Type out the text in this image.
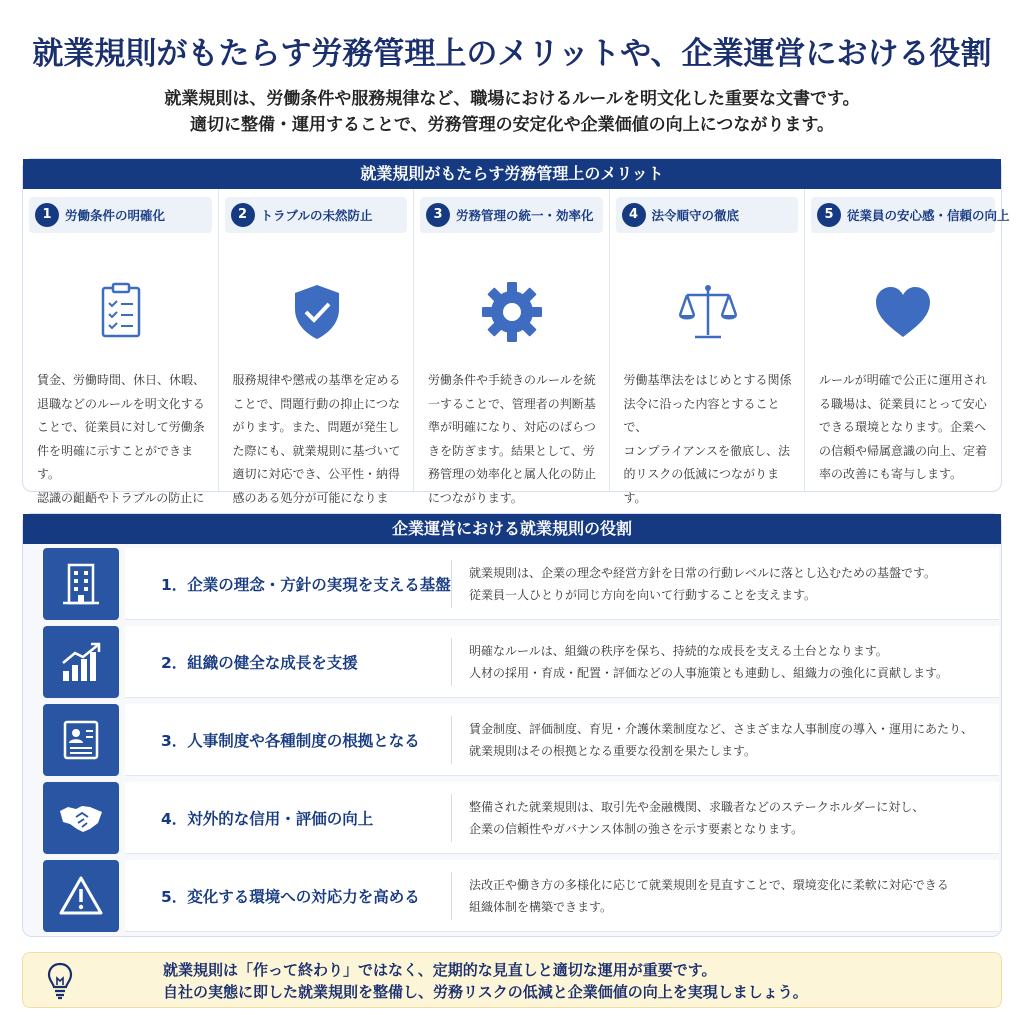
就業規則がもたらす労務管理上のメリットや、企業運営における役割
就業規則は、労働条件や服務規律など、職場におけるルールを明文化した重要な文書です。
適切に整備・運用することで、労務管理の安定化や企業価値の向上につながります。
就業規則がもたらす労務管理上のメリット
1	労働条件の明確化
賃金、労働時間、休日、休暇、
退職などのルールを明文化する
ことで、従業員に対して労働条
件を明確に示すことができます。
認識の齟齬やトラブルの防止に
2	トラブルの未然防止
服務規律や懲戒の基準を定める
ことで、問題行動の抑止につな
がります。また、問題が発生し
た際にも、就業規則に基づいて
適切に対応でき、公平性・納得
感のある処分が可能になりま
3	労務管理の統一・効率化
労働条件や手続きのルールを統
一することで、管理者の判断基
準が明確になり、対応のばらつ
きを防ぎます。結果として、労
務管理の効率化と属人化の防止
につながります。
4	法令順守の徹底
労働基準法をはじめとする関係
法令に沿った内容とすることで、
コンプライアンスを徹底し、法
的リスクの低減につながります。
5	従業員の安心感・信頼の向上
ルールが明確で公正に運用され
る職場は、従業員にとって安心
できる環境となります。企業へ
の信頼や帰属意識の向上、定着
率の改善にも寄与します。
企業運営における就業規則の役割
1．企業の理念・方針の実現を支える基盤
就業規則は、企業の理念や経営方針を日常の行動レベルに落とし込むための基盤です。
従業員一人ひとりが同じ方向を向いて行動することを支えます。
2．組織の健全な成長を支援
明確なルールは、組織の秩序を保ち、持続的な成長を支える土台となります。
人材の採用・育成・配置・評価などの人事施策とも連動し、組織力の強化に貢献します。
3．人事制度や各種制度の根拠となる
賃金制度、評価制度、育児・介護休業制度など、さまざまな人事制度の導入・運用にあたり、
就業規則はその根拠となる重要な役割を果たします。
4．対外的な信用・評価の向上
整備された就業規則は、取引先や金融機関、求職者などのステークホルダーに対し、
企業の信頼性やガバナンス体制の強さを示す要素となります。
5．変化する環境への対応力を高める
法改正や働き方の多様化に応じて就業規則を見直すことで、環境変化に柔軟に対応できる
組織体制を構築できます。
就業規則は「作って終わり」ではなく、定期的な見直しと適切な運用が重要です。
自社の実態に即した就業規則を整備し、労務リスクの低減と企業価値の向上を実現しましょう。
